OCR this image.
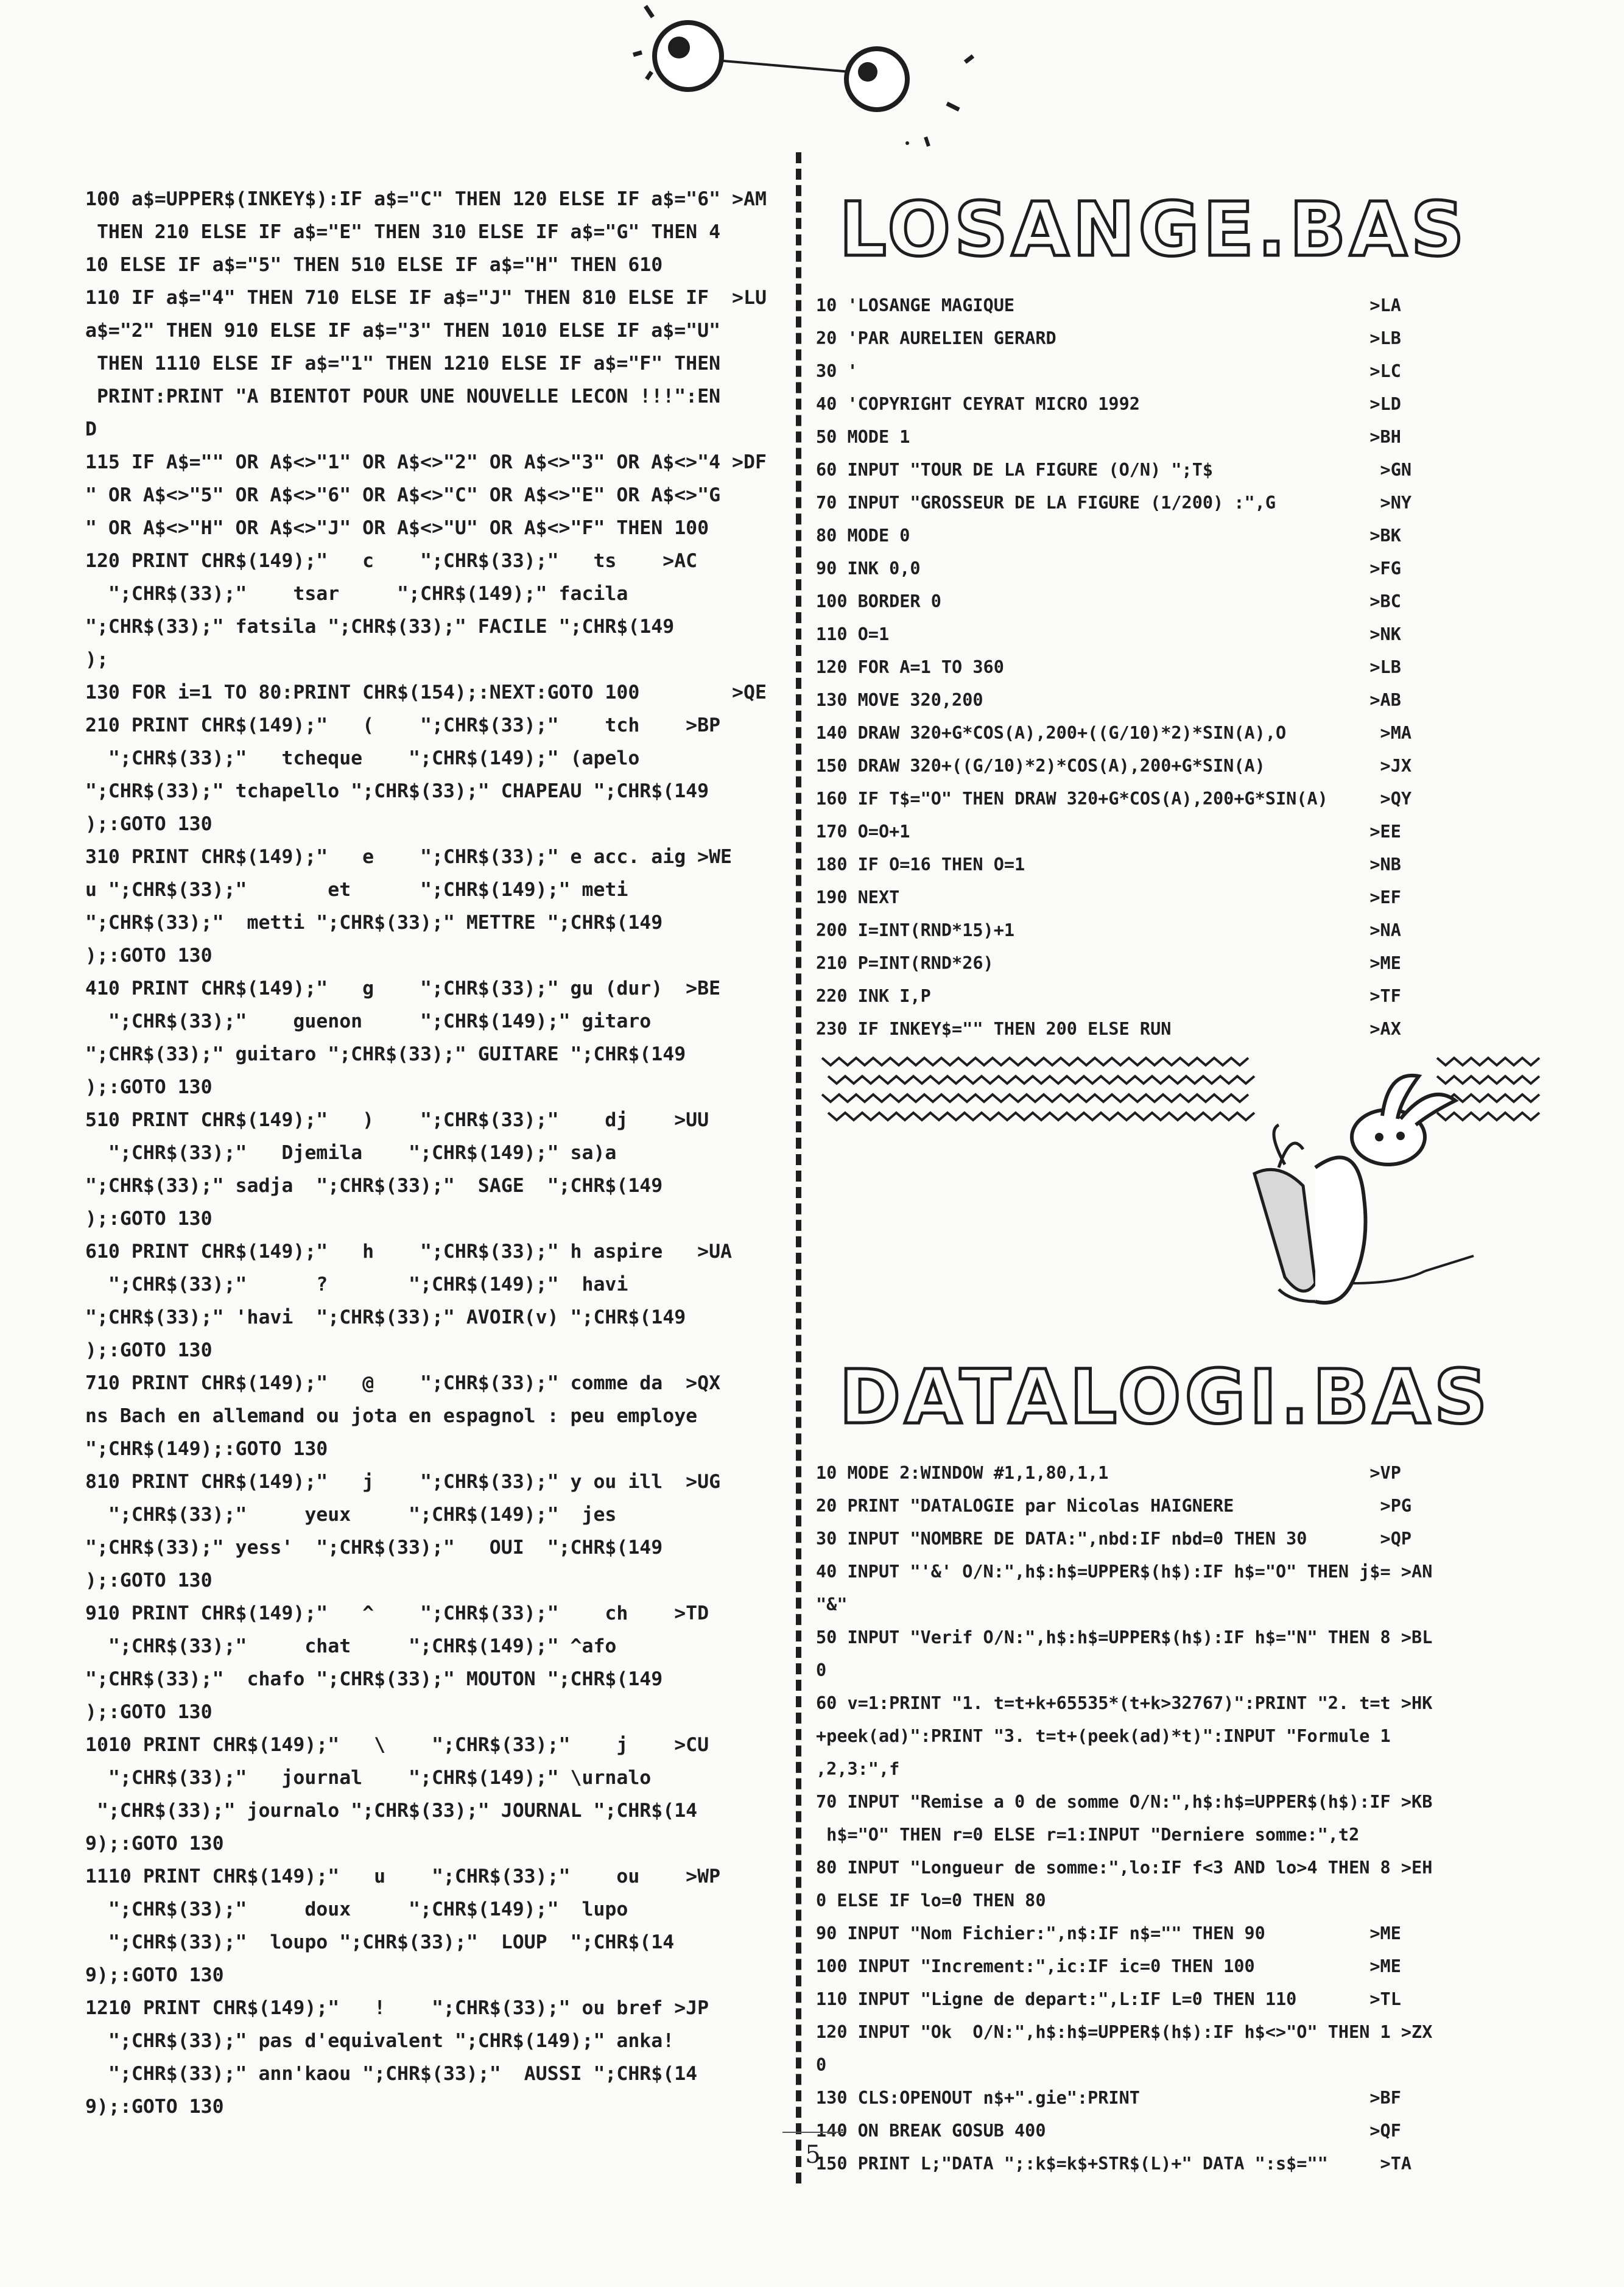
100 a$=UPPER$(INKEY$):IF a$="C" THEN 120 ELSE IF a$="6" >AM
THEN 210 ELSE IF a$="E" THEN 310 ELSE IF a$="G" THEN 4
10 ELSE IF a$="5" THEN 510 ELSE IF a$="H" THEN 610
110 IF a$="4" THEN 710 ELSE IF a$="J" THEN 810 ELSE IF  >LU
a$="2" THEN 910 ELSE IF a$="3" THEN 1010 ELSE IF a$="U"
THEN 1110 ELSE IF a$="1" THEN 1210 ELSE IF a$="F" THEN
PRINT:PRINT "A BIENTOT POUR UNE NOUVELLE LECON !!!":EN
D
115 IF A$="" OR A$<>"1" OR A$<>"2" OR A$<>"3" OR A$<>"4 >DF
" OR A$<>"5" OR A$<>"6" OR A$<>"C" OR A$<>"E" OR A$<>"G
" OR A$<>"H" OR A$<>"J" OR A$<>"U" OR A$<>"F" THEN 100
120 PRINT CHR$(149);"   c    ";CHR$(33);"   ts    >AC
";CHR$(33);"    tsar     ";CHR$(149);" facila
";CHR$(33);" fatsila ";CHR$(33);" FACILE ";CHR$(149
);
130 FOR i=1 TO 80:PRINT CHR$(154);:NEXT:GOTO 100        >QE
210 PRINT CHR$(149);"   (    ";CHR$(33);"    tch    >BP
";CHR$(33);"   tcheque    ";CHR$(149);" (apelo
";CHR$(33);" tchapello ";CHR$(33);" CHAPEAU ";CHR$(149
);:GOTO 130
310 PRINT CHR$(149);"   e    ";CHR$(33);" e acc. aig >WE
u ";CHR$(33);"       et      ";CHR$(149);" meti
";CHR$(33);"  metti ";CHR$(33);" METTRE ";CHR$(149
);:GOTO 130
410 PRINT CHR$(149);"   g    ";CHR$(33);" gu (dur)  >BE
";CHR$(33);"    guenon     ";CHR$(149);" gitaro
";CHR$(33);" guitaro ";CHR$(33);" GUITARE ";CHR$(149
);:GOTO 130
510 PRINT CHR$(149);"   )    ";CHR$(33);"    dj    >UU
";CHR$(33);"   Djemila    ";CHR$(149);" sa)a
";CHR$(33);" sadja  ";CHR$(33);"  SAGE  ";CHR$(149
);:GOTO 130
610 PRINT CHR$(149);"   h    ";CHR$(33);" h aspire   >UA
";CHR$(33);"      ?       ";CHR$(149);"  havi
";CHR$(33);" 'havi  ";CHR$(33);" AVOIR(v) ";CHR$(149
);:GOTO 130
710 PRINT CHR$(149);"   @    ";CHR$(33);" comme da  >QX
ns Bach en allemand ou jota en espagnol : peu employe
";CHR$(149);:GOTO 130
810 PRINT CHR$(149);"   j    ";CHR$(33);" y ou ill  >UG
";CHR$(33);"     yeux     ";CHR$(149);"  jes
";CHR$(33);" yess'  ";CHR$(33);"   OUI  ";CHR$(149
);:GOTO 130
910 PRINT CHR$(149);"   ^    ";CHR$(33);"    ch    >TD
";CHR$(33);"     chat     ";CHR$(149);" ^afo
";CHR$(33);"  chafo ";CHR$(33);" MOUTON ";CHR$(149
);:GOTO 130
1010 PRINT CHR$(149);"   \    ";CHR$(33);"    j    >CU
";CHR$(33);"   journal    ";CHR$(149);" \urnalo
";CHR$(33);" journalo ";CHR$(33);" JOURNAL ";CHR$(14
9);:GOTO 130
1110 PRINT CHR$(149);"   u    ";CHR$(33);"    ou    >WP
";CHR$(33);"     doux     ";CHR$(149);"  lupo
";CHR$(33);"  loupo ";CHR$(33);"  LOUP  ";CHR$(14
9);:GOTO 130
1210 PRINT CHR$(149);"   !    ";CHR$(33);" ou bref >JP
";CHR$(33);" pas d'equivalent ";CHR$(149);" anka!
";CHR$(33);" ann'kaou ";CHR$(33);"  AUSSI ";CHR$(14
9);:GOTO 130
LOSANGE.BAS
10 'LOSANGE MAGIQUE                                  >LA
20 'PAR AURELIEN GERARD                              >LB
30 '                                                 >LC
40 'COPYRIGHT CEYRAT MICRO 1992                      >LD
50 MODE 1                                            >BH
60 INPUT "TOUR DE LA FIGURE (O/N) ";T$                >GN
70 INPUT "GROSSEUR DE LA FIGURE (1/200) :",G          >NY
80 MODE 0                                            >BK
90 INK 0,0                                           >FG
100 BORDER 0                                         >BC
110 O=1                                              >NK
120 FOR A=1 TO 360                                   >LB
130 MOVE 320,200                                     >AB
140 DRAW 320+G*COS(A),200+((G/10)*2)*SIN(A),O         >MA
150 DRAW 320+((G/10)*2)*COS(A),200+G*SIN(A)           >JX
160 IF T$="O" THEN DRAW 320+G*COS(A),200+G*SIN(A)     >QY
170 O=O+1                                            >EE
180 IF O=16 THEN O=1                                 >NB
190 NEXT                                             >EF
200 I=INT(RND*15)+1                                  >NA
210 P=INT(RND*26)                                    >ME
220 INK I,P                                          >TF
230 IF INKEY$="" THEN 200 ELSE RUN                   >AX
DATALOGI.BAS
10 MODE 2:WINDOW #1,1,80,1,1                         >VP
20 PRINT "DATALOGIE par Nicolas HAIGNERE              >PG
30 INPUT "NOMBRE DE DATA:",nbd:IF nbd=0 THEN 30       >QP
40 INPUT "'&' O/N:",h$:h$=UPPER$(h$):IF h$="O" THEN j$= >AN
"&"
50 INPUT "Verif O/N:",h$:h$=UPPER$(h$):IF h$="N" THEN 8 >BL
0
60 v=1:PRINT "1. t=t+k+65535*(t+k>32767)":PRINT "2. t=t >HK
+peek(ad)":PRINT "3. t=t+(peek(ad)*t)":INPUT "Formule 1
,2,3:",f
70 INPUT "Remise a 0 de somme O/N:",h$:h$=UPPER$(h$):IF >KB
h$="O" THEN r=0 ELSE r=1:INPUT "Derniere somme:",t2
80 INPUT "Longueur de somme:",lo:IF f<3 AND lo>4 THEN 8 >EH
0 ELSE IF lo=0 THEN 80
90 INPUT "Nom Fichier:",n$:IF n$="" THEN 90          >ME
100 INPUT "Increment:",ic:IF ic=0 THEN 100           >ME
110 INPUT "Ligne de depart:",L:IF L=0 THEN 110       >TL
120 INPUT "Ok  O/N:",h$:h$=UPPER$(h$):IF h$<>"O" THEN 1 >ZX
0
130 CLS:OPENOUT n$+".gie":PRINT                      >BF
140 ON BREAK GOSUB 400                               >QF
150 PRINT L;"DATA ";:k$=k$+STR$(L)+" DATA ":s$=""     >TA
5
